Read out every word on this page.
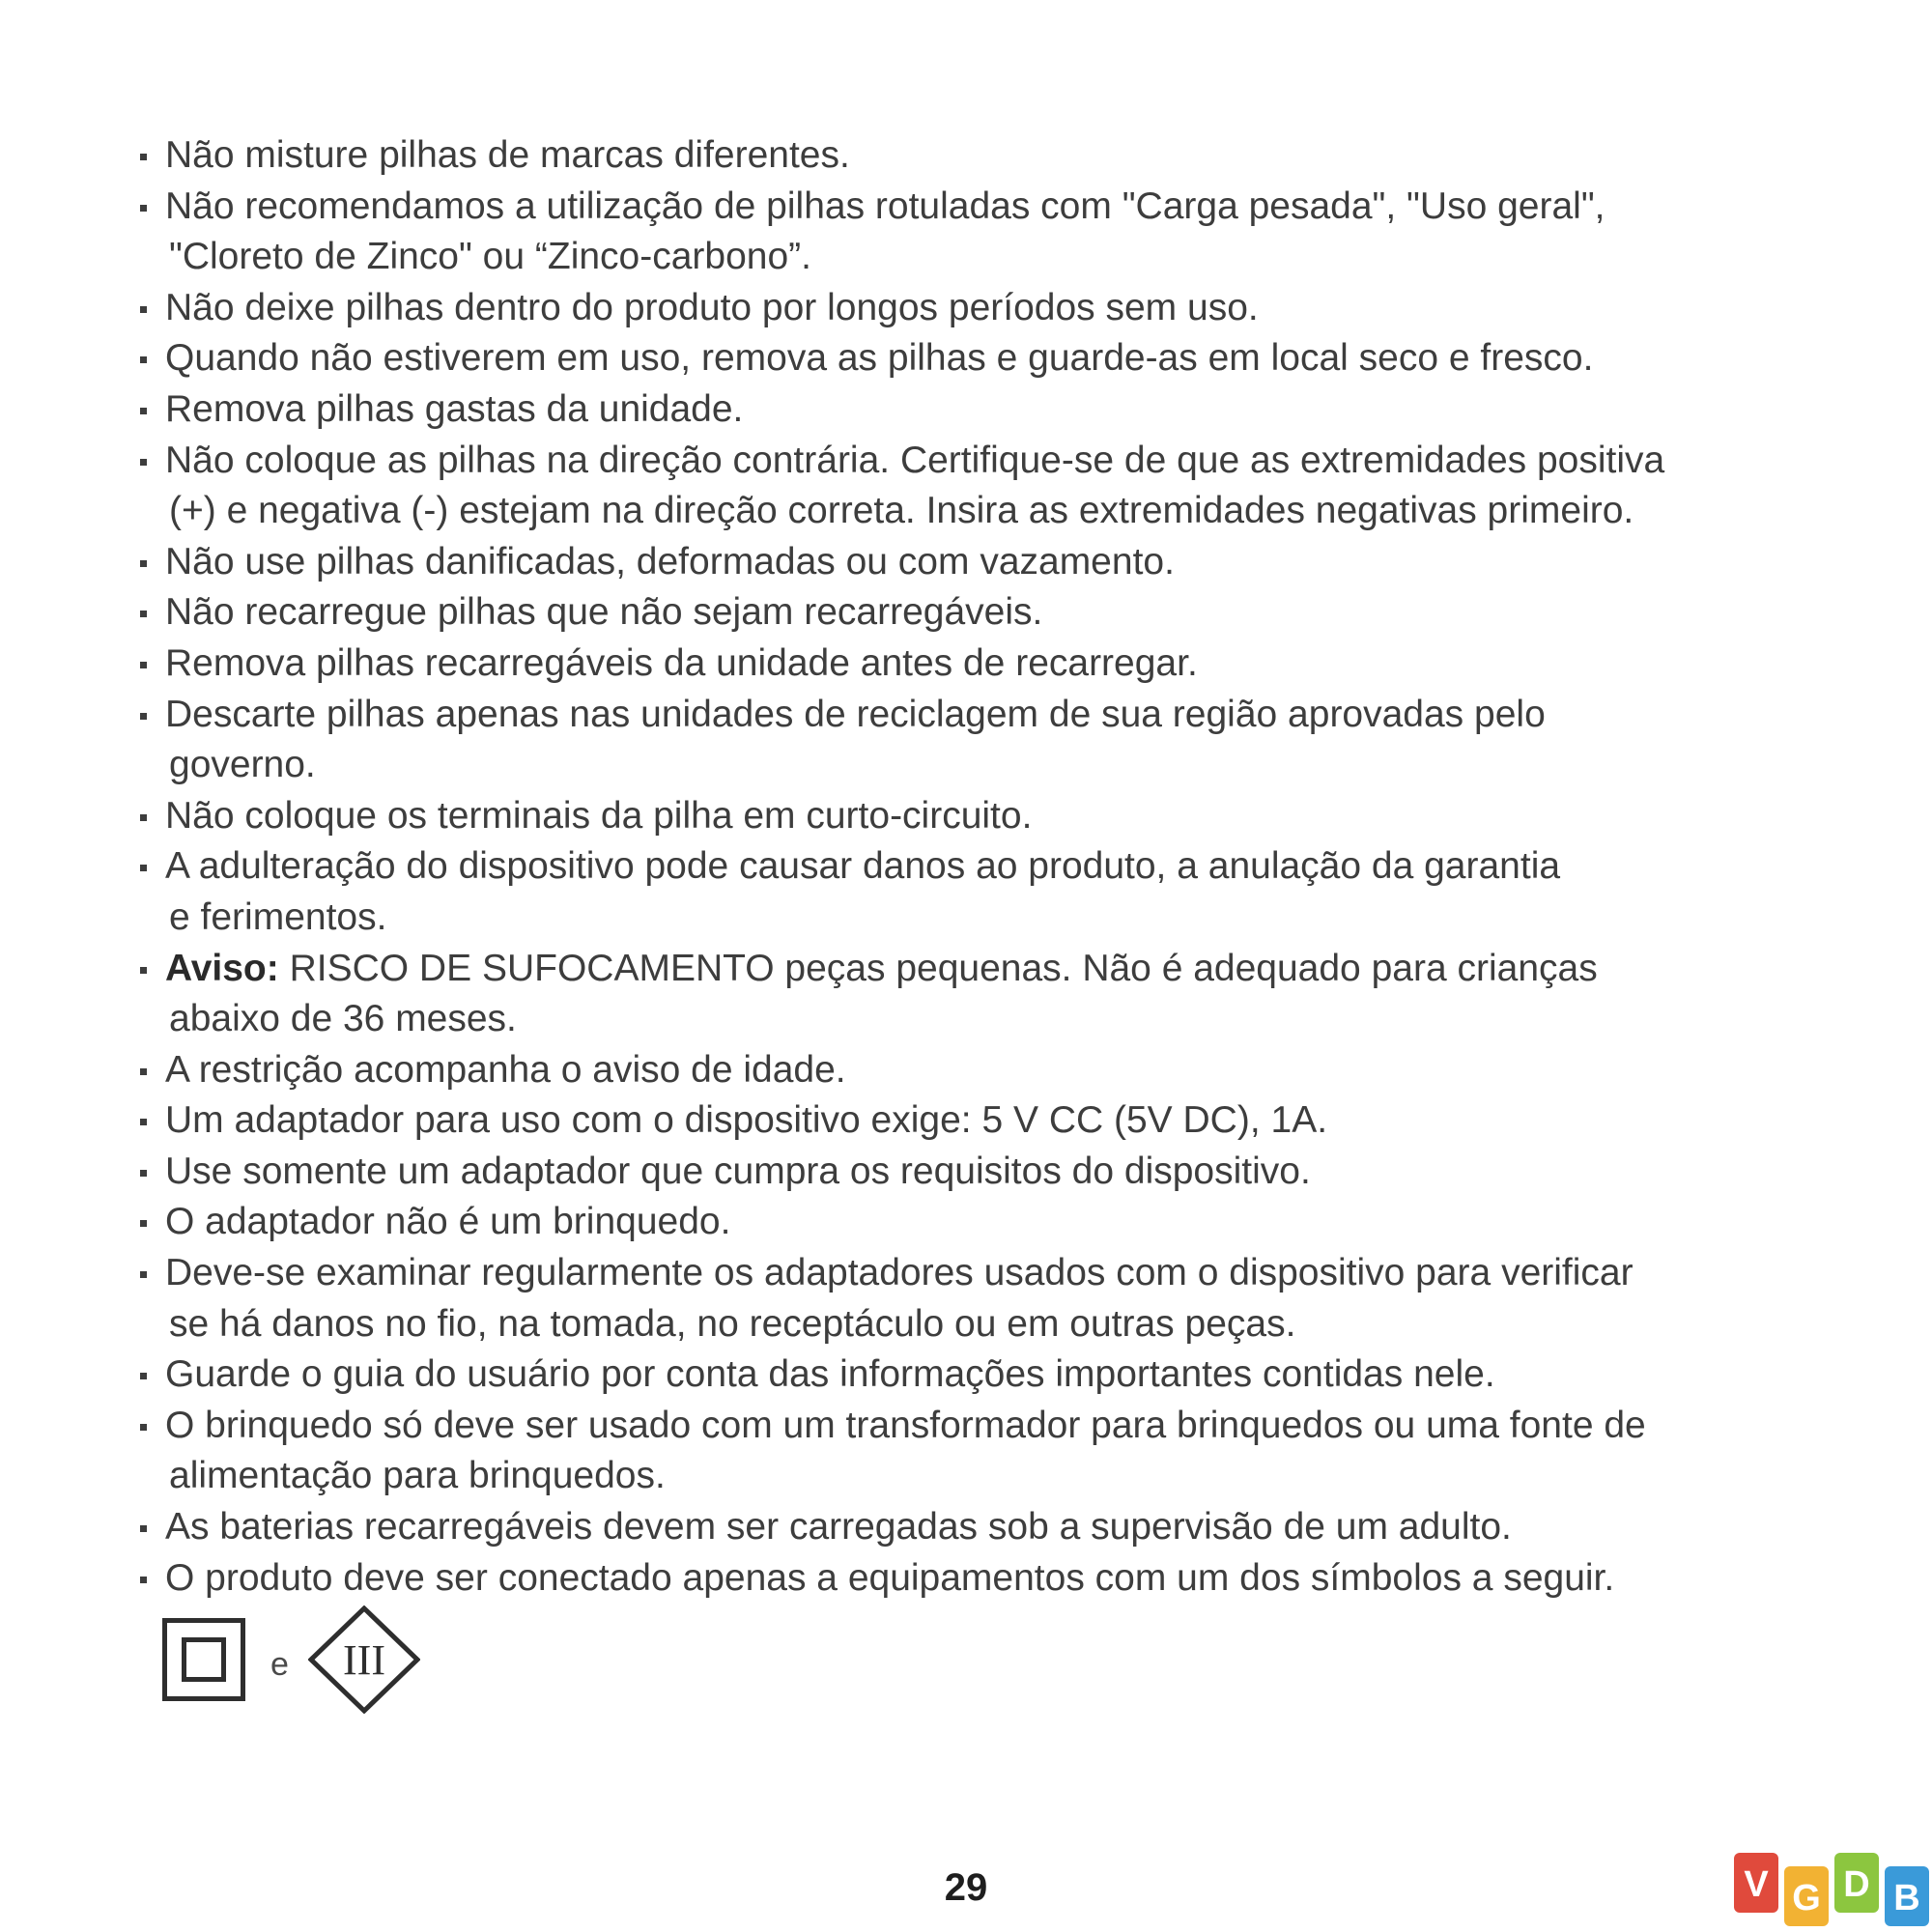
Não misture pilhas de marcas diferentes.
Não recomendamos a utilização de pilhas rotuladas com "Carga pesada", "Uso geral",
"Cloreto de Zinco" ou “Zinco-carbono”.
Não deixe pilhas dentro do produto por longos períodos sem uso.
Quando não estiverem em uso, remova as pilhas e guarde-as em local seco e fresco.
Remova pilhas gastas da unidade.
Não coloque as pilhas na direção contrária. Certifique-se de que as extremidades positiva
(+) e negativa (-) estejam na direção correta. Insira as extremidades negativas primeiro.
Não use pilhas danificadas, deformadas ou com vazamento.
Não recarregue pilhas que não sejam recarregáveis.
Remova pilhas recarregáveis da unidade antes de recarregar.
Descarte pilhas apenas nas unidades de reciclagem de sua região aprovadas pelo
governo.
Não coloque os terminais da pilha em curto-circuito.
A adulteração do dispositivo pode causar danos ao produto, a anulação da garantia
e ferimentos.
Aviso: RISCO DE SUFOCAMENTO peças pequenas. Não é adequado para crianças
abaixo de 36 meses.
A restrição acompanha o aviso de idade.
Um adaptador para uso com o dispositivo exige: 5 V CC (5V DC), 1A.
Use somente um adaptador que cumpra os requisitos do dispositivo.
O adaptador não é um brinquedo.
Deve-se examinar regularmente os adaptadores usados com o dispositivo para verificar
se há danos no fio, na tomada, no receptáculo ou em outras peças.
Guarde o guia do usuário por conta das informações importantes contidas nele.
O brinquedo só deve ser usado com um transformador para brinquedos ou uma fonte de
alimentação para brinquedos.
As baterias recarregáveis devem ser carregadas sob a supervisão de um adulto.
O produto deve ser conectado apenas a equipamentos com um dos símbolos a seguir.
e III
29	V G D B
